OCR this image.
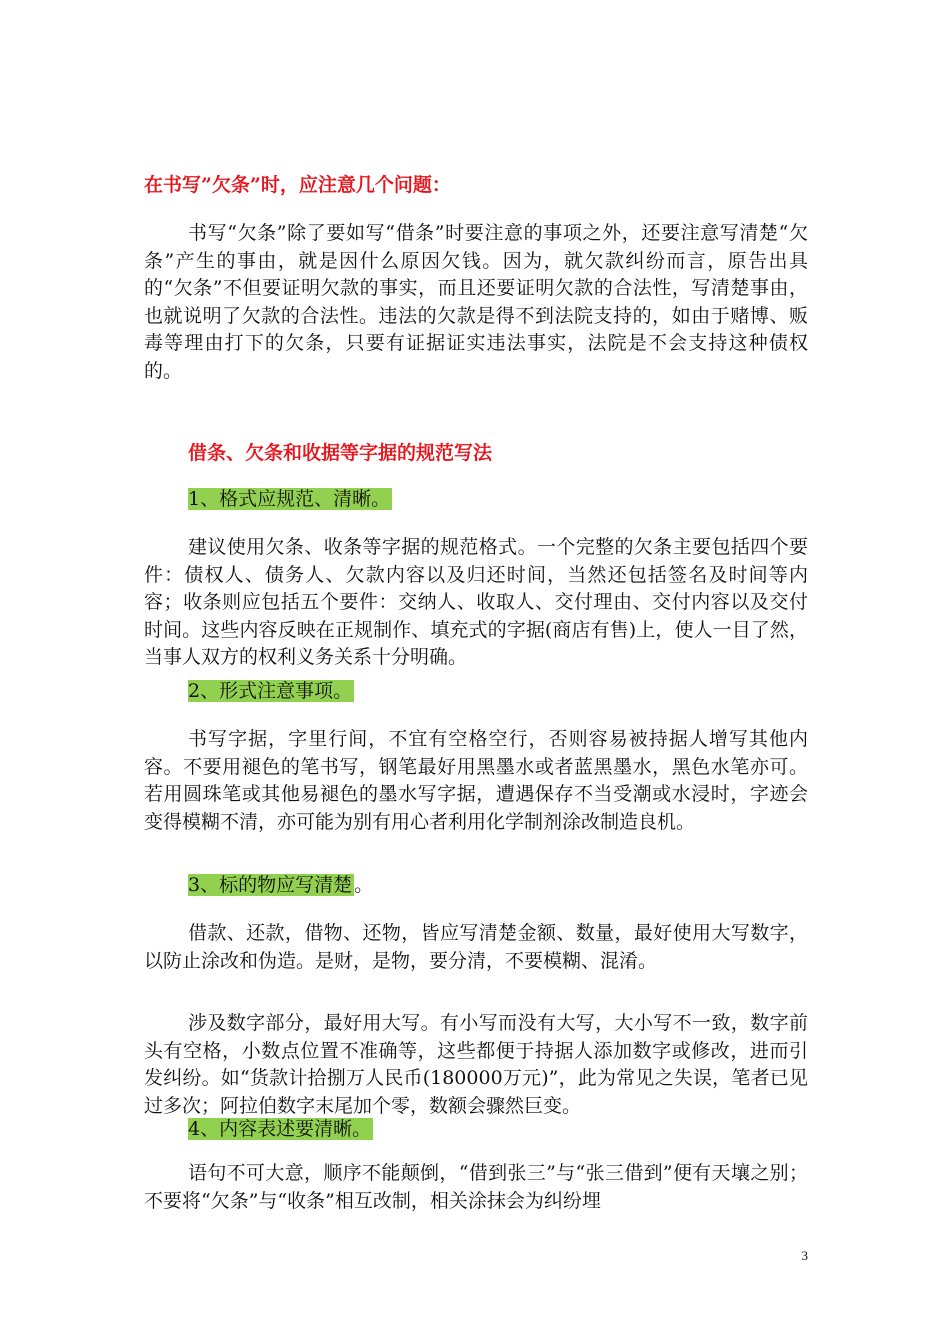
在书写”欠条”时，应注意几个问题：

书写“欠条”除了要如写“借条”时要注意的事项之外，还要注意写清楚“欠条”产生的事由，就是因什么原因欠钱。因为，就欠款纠纷而言，原告出具的“欠条”不但要证明欠款的事实，而且还要证明欠款的合法性，写清楚事由，也就说明了欠款的合法性。违法的欠款是得不到法院支持的，如由于赌博、贩毒等理由打下的欠条，只要有证据证实违法事实，法院是不会支持这种债权的。

借条、欠条和收据等字据的规范写法
1、格式应规范、清晰。

建议使用欠条、收条等字据的规范格式。一个完整的欠条主要包括四个要件：债权人、债务人、欠款内容以及归还时间，当然还包括签名及时间等内容；收条则应包括五个要件：交纳人、收取人、交付理由、交付内容以及交付时间。这些内容反映在正规制作、填充式的字据(商店有售)上，使人一目了然，当事人双方的权利义务关系十分明确。

2、形式注意事项。

书写字据，字里行间，不宜有空格空行，否则容易被持据人增写其他内容。不要用褪色的笔书写，钢笔最好用黑墨水或者蓝黑墨水，黑色水笔亦可。若用圆珠笔或其他易褪色的墨水写字据，遭遇保存不当受潮或水浸时，字迹会变得模糊不清，亦可能为别有用心者利用化学制剂涂改制造良机。

3、标的物应写清楚 。

借款、还款，借物、还物，皆应写清楚金额、数量，最好使用大写数字，以防止涂改和伪造。是财，是物，要分清，不要模糊、混淆。

涉及数字部分，最好用大写。有小写而没有大写，大小写不一致，数字前头有空格，小数点位置不准确等，这些都便于持据人添加数字或修改，进而引发纠纷。如“货款计拾捌万人民币(180000万元)”，此为常见之失误，笔者已见过多次；阿拉伯数字末尾加个零，数额会骤然巨变。

4、内容表述要清晰。

语句不可大意，顺序不能颠倒，“借到张三”与“张三借到”便有天壤之别；不要将“欠条”与“收条”相互改制，相关涂抹会为纠纷埋

3
